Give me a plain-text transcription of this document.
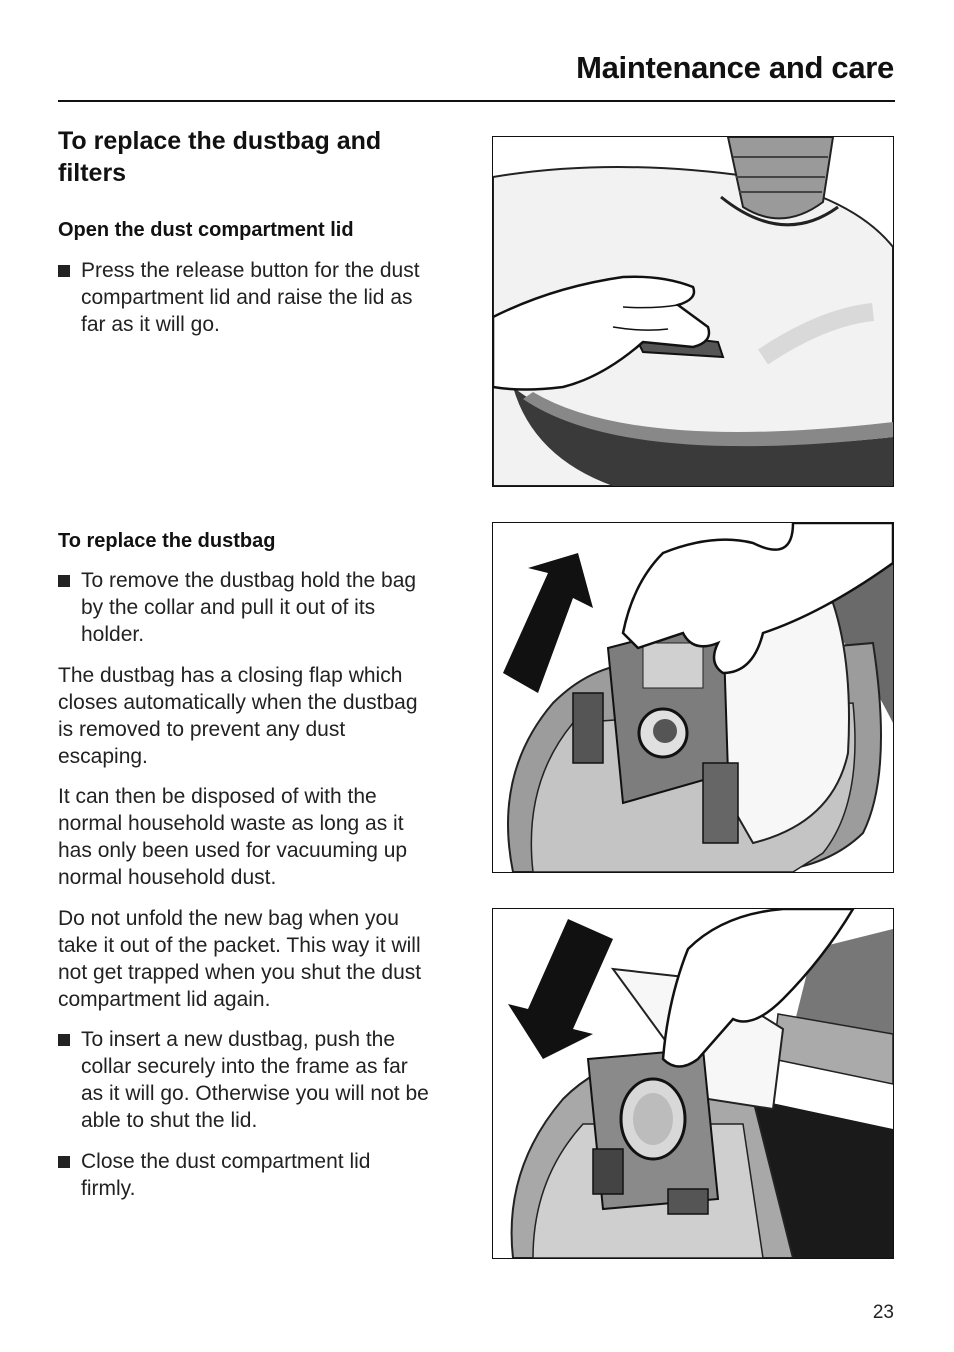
Maintenance and care
To replace the dustbag and
filters
Open the dust compartment lid
Press the release button for the dust
compartment lid and raise the lid as
far as it will go.
To replace the dustbag
To remove the dustbag hold the bag
by the collar and pull it out of its
holder.

The dustbag has a closing flap which
closes automatically when the dustbag
is removed to prevent any dust
escaping.

It can then be disposed of with the
normal household waste as long as it
has only been used for vacuuming up
normal household dust.

Do not unfold the new bag when you
take it out of the packet. This way it will
not get trapped when you shut the dust
compartment lid again.

To insert a new dustbag, push the
collar securely into the frame as far
as it will go. Otherwise you will not be
able to shut the lid.
Close the dust compartment lid
firmly.
23
